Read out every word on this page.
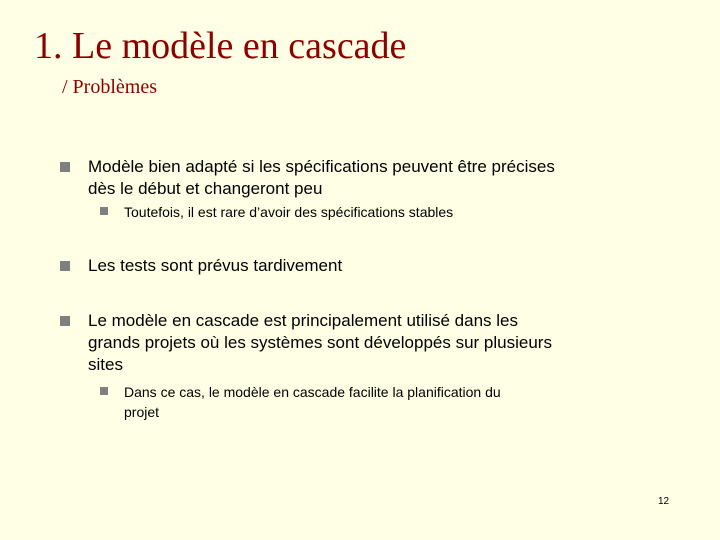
1. Le modèle en cascade
/ Problèmes
Modèle bien adapté si les spécifications peuvent être précises
dès le début et changeront peu
Toutefois, il est rare d’avoir des spécifications stables
Les tests sont prévus tardivement
Le modèle en cascade est principalement utilisé dans les
grands projets où les systèmes sont développés sur plusieurs
sites
Dans ce cas, le modèle en cascade facilite la planification du
projet
12
